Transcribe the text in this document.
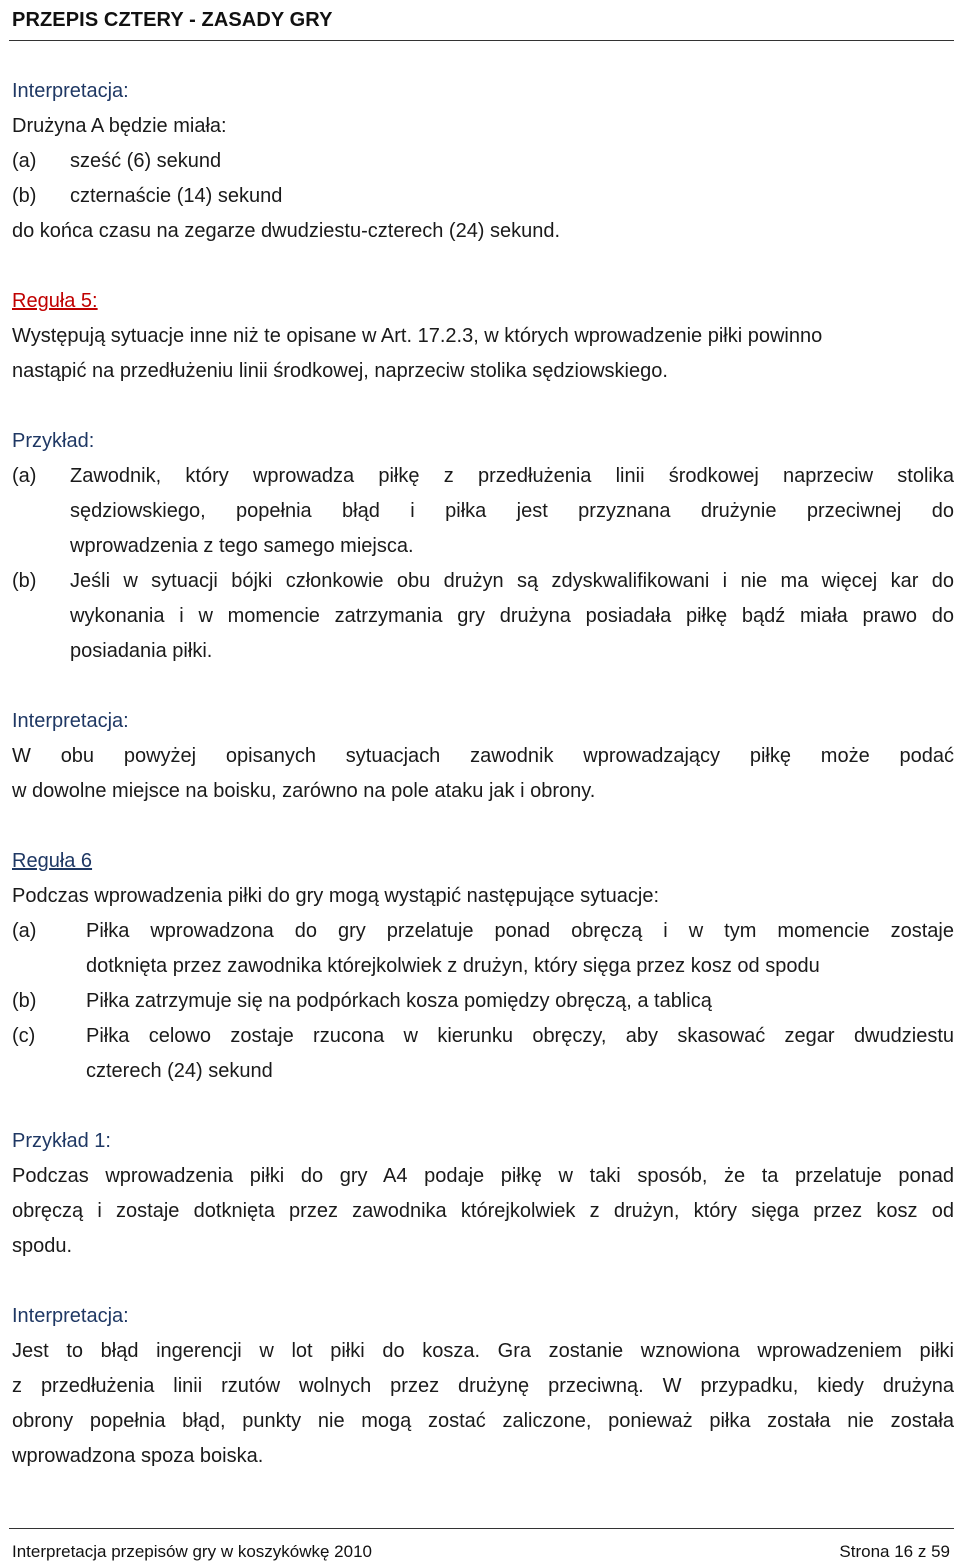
PRZEPIS CZTERY - ZASADY GRY
Interpretacja:
Drużyna A będzie miała:
(a) sześć (6) sekund
(b) czternaście (14) sekund
do końca czasu na zegarze dwudziestu-czterech (24) sekund.
Reguła 5:
Występują sytuacje inne niż te opisane w Art. 17.2.3, w których wprowadzenie piłki powinno
nastąpić na przedłużeniu linii środkowej, naprzeciw stolika sędziowskiego.
Przykład:
(a) Zawodnik, który wprowadza piłkę z przedłużenia linii środkowej naprzeciw stolika
sędziowskiego, popełnia błąd i piłka jest przyznana drużynie przeciwnej do
wprowadzenia z tego samego miejsca.
(b) Jeśli w sytuacji bójki członkowie obu drużyn są zdyskwalifikowani i nie ma więcej kar do
wykonania i w momencie zatrzymania gry drużyna posiadała piłkę bądź miała prawo do
posiadania piłki.
Interpretacja:
W obu powyżej opisanych sytuacjach zawodnik wprowadzający piłkę może podać
w dowolne miejsce na boisku, zarówno na pole ataku jak i obrony.
Reguła 6
Podczas wprowadzenia piłki do gry mogą wystąpić następujące sytuacje:
(a) Piłka wprowadzona do gry przelatuje ponad obręczą i w tym momencie zostaje
dotknięta przez zawodnika którejkolwiek z drużyn, który sięga przez kosz od spodu
(b) Piłka zatrzymuje się na podpórkach kosza pomiędzy obręczą, a tablicą
(c)	Piłka celowo zostaje rzucona w kierunku obręczy, aby skasować zegar dwudziestu
czterech (24) sekund
Przykład 1:
Podczas wprowadzenia piłki do gry A4 podaje piłkę w taki sposób, że ta przelatuje ponad
obręczą i zostaje dotknięta przez zawodnika którejkolwiek z drużyn, który sięga przez kosz od
spodu.
Interpretacja:
Jest to błąd ingerencji w lot piłki do kosza. Gra zostanie wznowiona wprowadzeniem piłki
z przedłużenia linii rzutów wolnych przez drużynę przeciwną. W przypadku, kiedy drużyna
obrony popełnia błąd, punkty nie mogą zostać zaliczone, ponieważ piłka została nie została
wprowadzona spoza boiska.
Interpretacja przepisów gry w koszykówkę 2010	Strona 16 z 59
